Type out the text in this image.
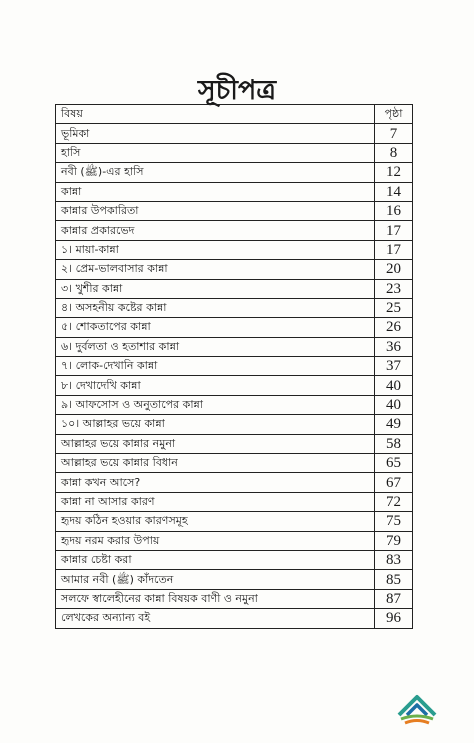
সূচীপত্র
বিষয়	পৃষ্ঠা
ভূমিকা	7
হাসি	8
নবী (ﷺ)-এর হাসি	12
কান্না	14
কান্নার উপকারিতা	16
কান্নার প্রকারভেদ	17
১। মায়া-কান্না	17
২। প্রেম-ভালবাসার কান্না	20
৩। খুশীর কান্না	23
৪। অসহনীয় কষ্টের কান্না	25
৫। শোকতাপের কান্না	26
৬। দুর্বলতা ও হতাশার কান্না	36
৭। লোক-দেখানি কান্না	37
৮। দেখাদেখি কান্না	40
৯। আফসোস ও অনুতাপের কান্না	40
১০। আল্লাহর ভয়ে কান্না	49
আল্লাহর ভয়ে কান্নার নমুনা	58
আল্লাহর ভয়ে কান্নার বিধান	65
কান্না কখন আসে?	67
কান্না না আসার কারণ	72
হৃদয় কঠিন হওয়ার কারণসমূহ	75
হৃদয় নরম করার উপায়	79
কান্নার চেষ্টা করা	83
আমার নবী (ﷺ) কাঁদতেন	85
সলফে স্বালেহীনের কান্না বিষয়ক বাণী ও নমুনা	87
লেখকের অন্যান্য বই	96
